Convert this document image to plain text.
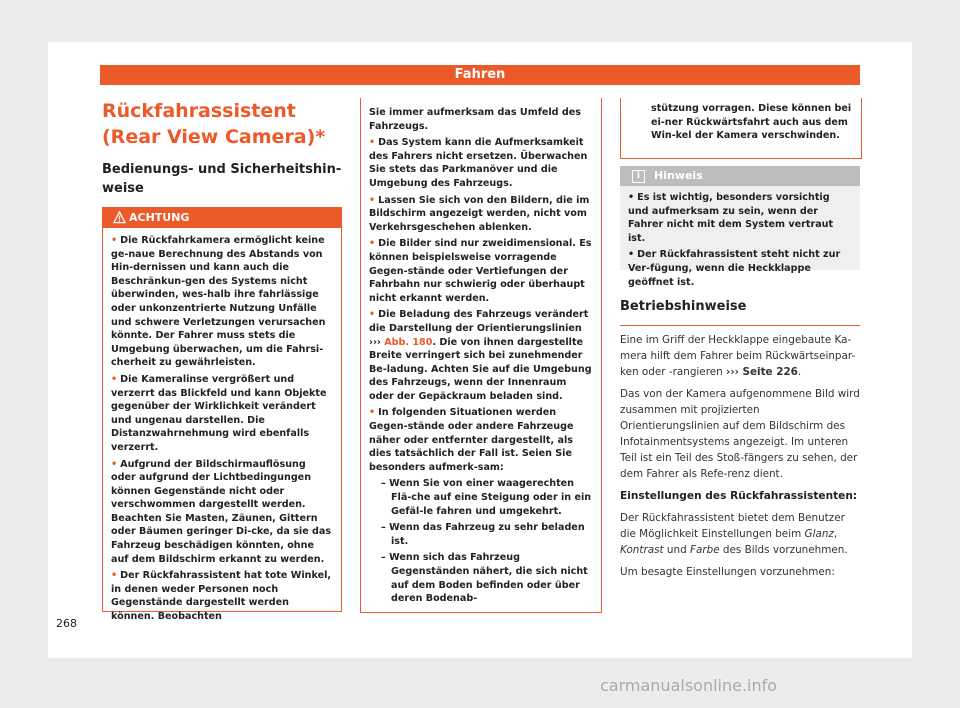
Fahren
Rückfahrassistent (Rear View Camera)*
Bedienungs- und Sicherheitshin-weise
ACHTUNG

• Die Rückfahrkamera ermöglicht keine ge-naue Berechnung des Abstands von Hin-dernissen und kann auch die Beschränkun-gen des Systems nicht überwinden, wes-halb ihre fahrlässige oder unkonzentrierte Nutzung Unfälle und schwere Verletzungen verursachen könnte. Der Fahrer muss stets die Umgebung überwachen, um die Fahrsi-cherheit zu gewährleisten.

• Die Kameralinse vergrößert und verzerrt das Blickfeld und kann Objekte gegenüber der Wirklichkeit verändert und ungenau darstellen. Die Distanzwahrnehmung wird ebenfalls verzerrt.

• Aufgrund der Bildschirmauflösung oder aufgrund der Lichtbedingungen können Gegenstände nicht oder verschwommen dargestellt werden. Beachten Sie Masten, Zäunen, Gittern oder Bäumen geringer Di-cke, da sie das Fahrzeug beschädigen könnten, ohne auf dem Bildschirm erkannt zu werden.

• Der Rückfahrassistent hat tote Winkel, in denen weder Personen noch Gegenstände dargestellt werden können. Beobachten

Sie immer aufmerksam das Umfeld des Fahrzeugs.

• Das System kann die Aufmerksamkeit des Fahrers nicht ersetzen. Überwachen Sie stets das Parkmanöver und die Umgebung des Fahrzeugs.

• Lassen Sie sich von den Bildern, die im Bildschirm angezeigt werden, nicht vom Verkehrsgeschehen ablenken.

• Die Bilder sind nur zweidimensional. Es können beispielsweise vorragende Gegen-stände oder Vertiefungen der Fahrbahn nur schwierig oder überhaupt nicht erkannt werden.

• Die Beladung des Fahrzeugs verändert die Darstellung der Orientierungslinien ››› Abb. 180. Die von ihnen dargestellte Breite verringert sich bei zunehmender Be-ladung. Achten Sie auf die Umgebung des Fahrzeugs, wenn der Innenraum oder der Gepäckraum beladen sind.

• In folgenden Situationen werden Gegen-stände oder andere Fahrzeuge näher oder entfernter dargestellt, als dies tatsächlich der Fall ist. Seien Sie besonders aufmerk-sam:

– Wenn Sie von einer waagerechten Flä-che auf eine Steigung oder in ein Gefäl-le fahren und umgekehrt.

– Wenn das Fahrzeug zu sehr beladen ist.

– Wenn sich das Fahrzeug Gegenständen nähert, die sich nicht auf dem Boden befinden oder über deren Bodenab-

stützung vorragen. Diese können bei ei-ner Rückwärtsfahrt auch aus dem Win-kel der Kamera verschwinden.
i	Hinweis

• Es ist wichtig, besonders vorsichtig und aufmerksam zu sein, wenn der Fahrer nicht mit dem System vertraut ist.

• Der Rückfahrassistent steht nicht zur Ver-fügung, wenn die Heckklappe geöffnet ist.

Betriebshinweise

Eine im Griff der Heckklappe eingebaute Ka-mera hilft dem Fahrer beim Rückwärtseinpar-ken oder -rangieren ››› Seite 226.

Das von der Kamera aufgenommene Bild wird zusammen mit projizierten Orientierungslinien auf dem Bildschirm des Infotainmentsystems angezeigt. Im unteren Teil ist ein Teil des Stoß-fängers zu sehen, der dem Fahrer als Refe-renz dient.

Einstellungen des Rückfahrassistenten:

Der Rückfahrassistent bietet dem Benutzer die Möglichkeit Einstellungen beim Glanz, Kontrast und Farbe des Bilds vorzunehmen.

Um besagte Einstellungen vorzunehmen:

268
carmanualsonline.info
